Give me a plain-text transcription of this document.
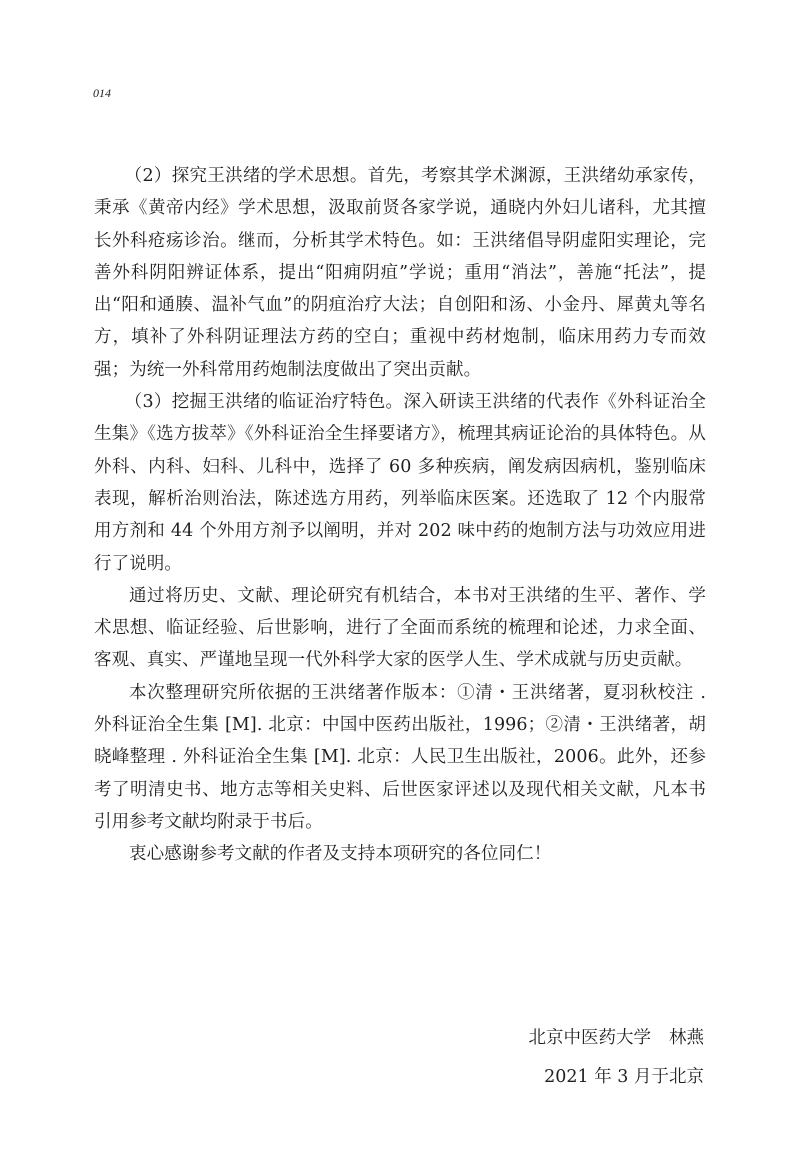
014

（2）探究王洪绪的学术思想。首先，考察其学术渊源，王洪绪幼承家传，秉承《黄帝内经》学术思想，汲取前贤各家学说，通晓内外妇儿诸科，尤其擅长外科疮疡诊治。继而，分析其学术特色。如：王洪绪倡导阴虚阳实理论，完善外科阴阳辨证体系，提出“阳痈阴疽”学说；重用“消法”，善施“托法”，提出“阳和通腠、温补气血”的阴疽治疗大法；自创阳和汤、小金丹、犀黄丸等名方，填补了外科阴证理法方药的空白；重视中药材炮制，临床用药力专而效强；为统一外科常用药炮制法度做出了突出贡献。

（3）挖掘王洪绪的临证治疗特色。深入研读王洪绪的代表作《外科证治全生集》《选方拔萃》《外科证治全生择要诸方》，梳理其病证论治的具体特色。从外科、内科、妇科、儿科中，选择了 60 多种疾病，阐发病因病机，鉴别临床表现，解析治则治法，陈述选方用药，列举临床医案。还选取了 12 个内服常用方剂和 44 个外用方剂予以阐明，并对 202 味中药的炮制方法与功效应用进行了说明。

通过将历史、文献、理论研究有机结合，本书对王洪绪的生平、著作、学术思想、临证经验、后世影响，进行了全面而系统的梳理和论述，力求全面、客观、真实、严谨地呈现一代外科学大家的医学人生、学术成就与历史贡献。

本次整理研究所依据的王洪绪著作版本：①清・王洪绪著，夏羽秋校注 . 外科证治全生集 [M]. 北京：中国中医药出版社，1996；②清・王洪绪著，胡晓峰整理 . 外科证治全生集 [M]. 北京：人民卫生出版社，2006。此外，还参考了明清史书、地方志等相关史料、后世医家评述以及现代相关文献，凡本书引用参考文献均附录于书后。

衷心感谢参考文献的作者及支持本项研究的各位同仁！

北京中医药大学 林燕
2021 年 3 月于北京
